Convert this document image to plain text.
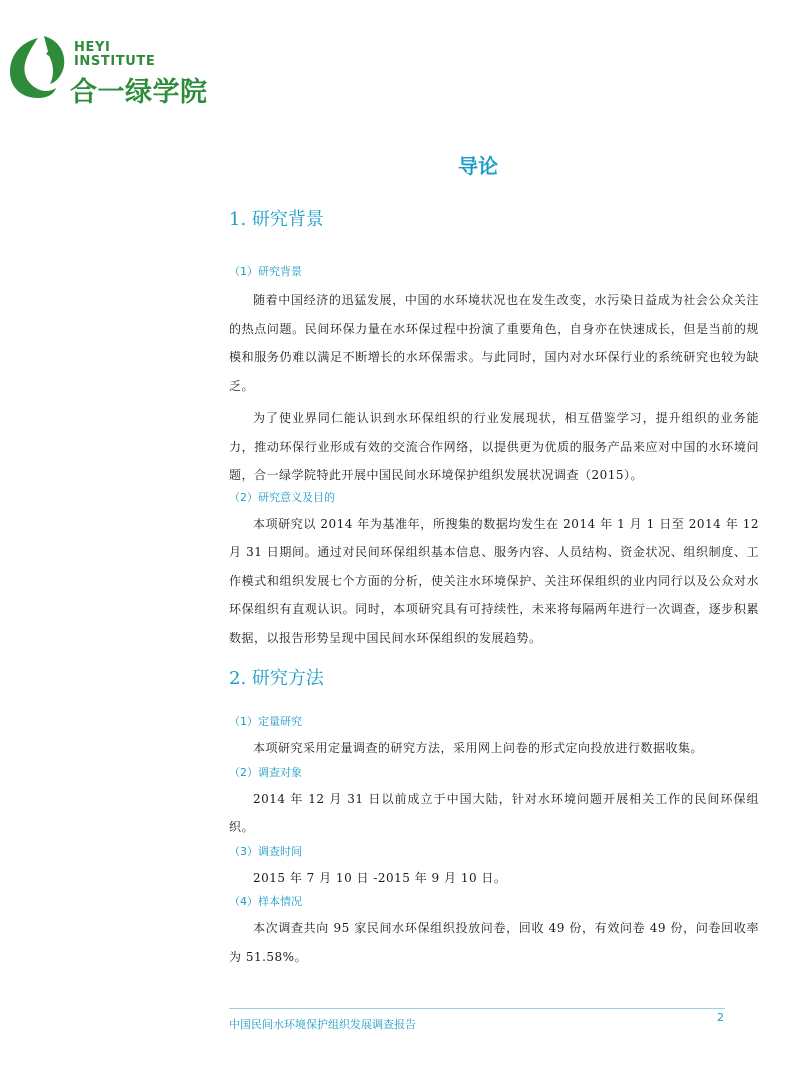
HEYI
INSTITUTE
合一绿学院
导论
1. 研究背景
（1）研究背景

随着中国经济的迅猛发展，中国的水环境状况也在发生改变，水污染日益成为社会公众关注的热点问题。民间环保力量在水环保过程中扮演了重要角色，自身亦在快速成长，但是当前的规模和服务仍难以满足不断增长的水环保需求。与此同时，国内对水环保行业的系统研究也较为缺乏。

为了使业界同仁能认识到水环保组织的行业发展现状，相互借鉴学习，提升组织的业务能力，推动环保行业形成有效的交流合作网络，以提供更为优质的服务产品来应对中国的水环境问题，合一绿学院特此开展中国民间水环境保护组织发展状况调查（2015）。

（2）研究意义及目的

本项研究以 2014 年为基准年，所搜集的数据均发生在 2014 年 1 月 1 日至 2014 年 12 月 31 日期间。通过对民间环保组织基本信息、服务内容、人员结构、资金状况、组织制度、工作模式和组织发展七个方面的分析，使关注水环境保护、关注环保组织的业内同行以及公众对水环保组织有直观认识。同时，本项研究具有可持续性，未来将每隔两年进行一次调查，逐步积累数据，以报告形势呈现中国民间水环保组织的发展趋势。

2. 研究方法
（1）定量研究

本项研究采用定量调查的研究方法，采用网上问卷的形式定向投放进行数据收集。

（2）调查对象

2014 年 12 月 31 日以前成立于中国大陆，针对水环境问题开展相关工作的民间环保组织。

（3）调查时间

2015 年 7 月 10 日 -2015 年 9 月 10 日。

（4）样本情况

本次调查共向 95 家民间水环保组织投放问卷，回收 49 份，有效问卷 49 份，问卷回收率为 51.58%。

中国民间水环境保护组织发展调查报告
2
